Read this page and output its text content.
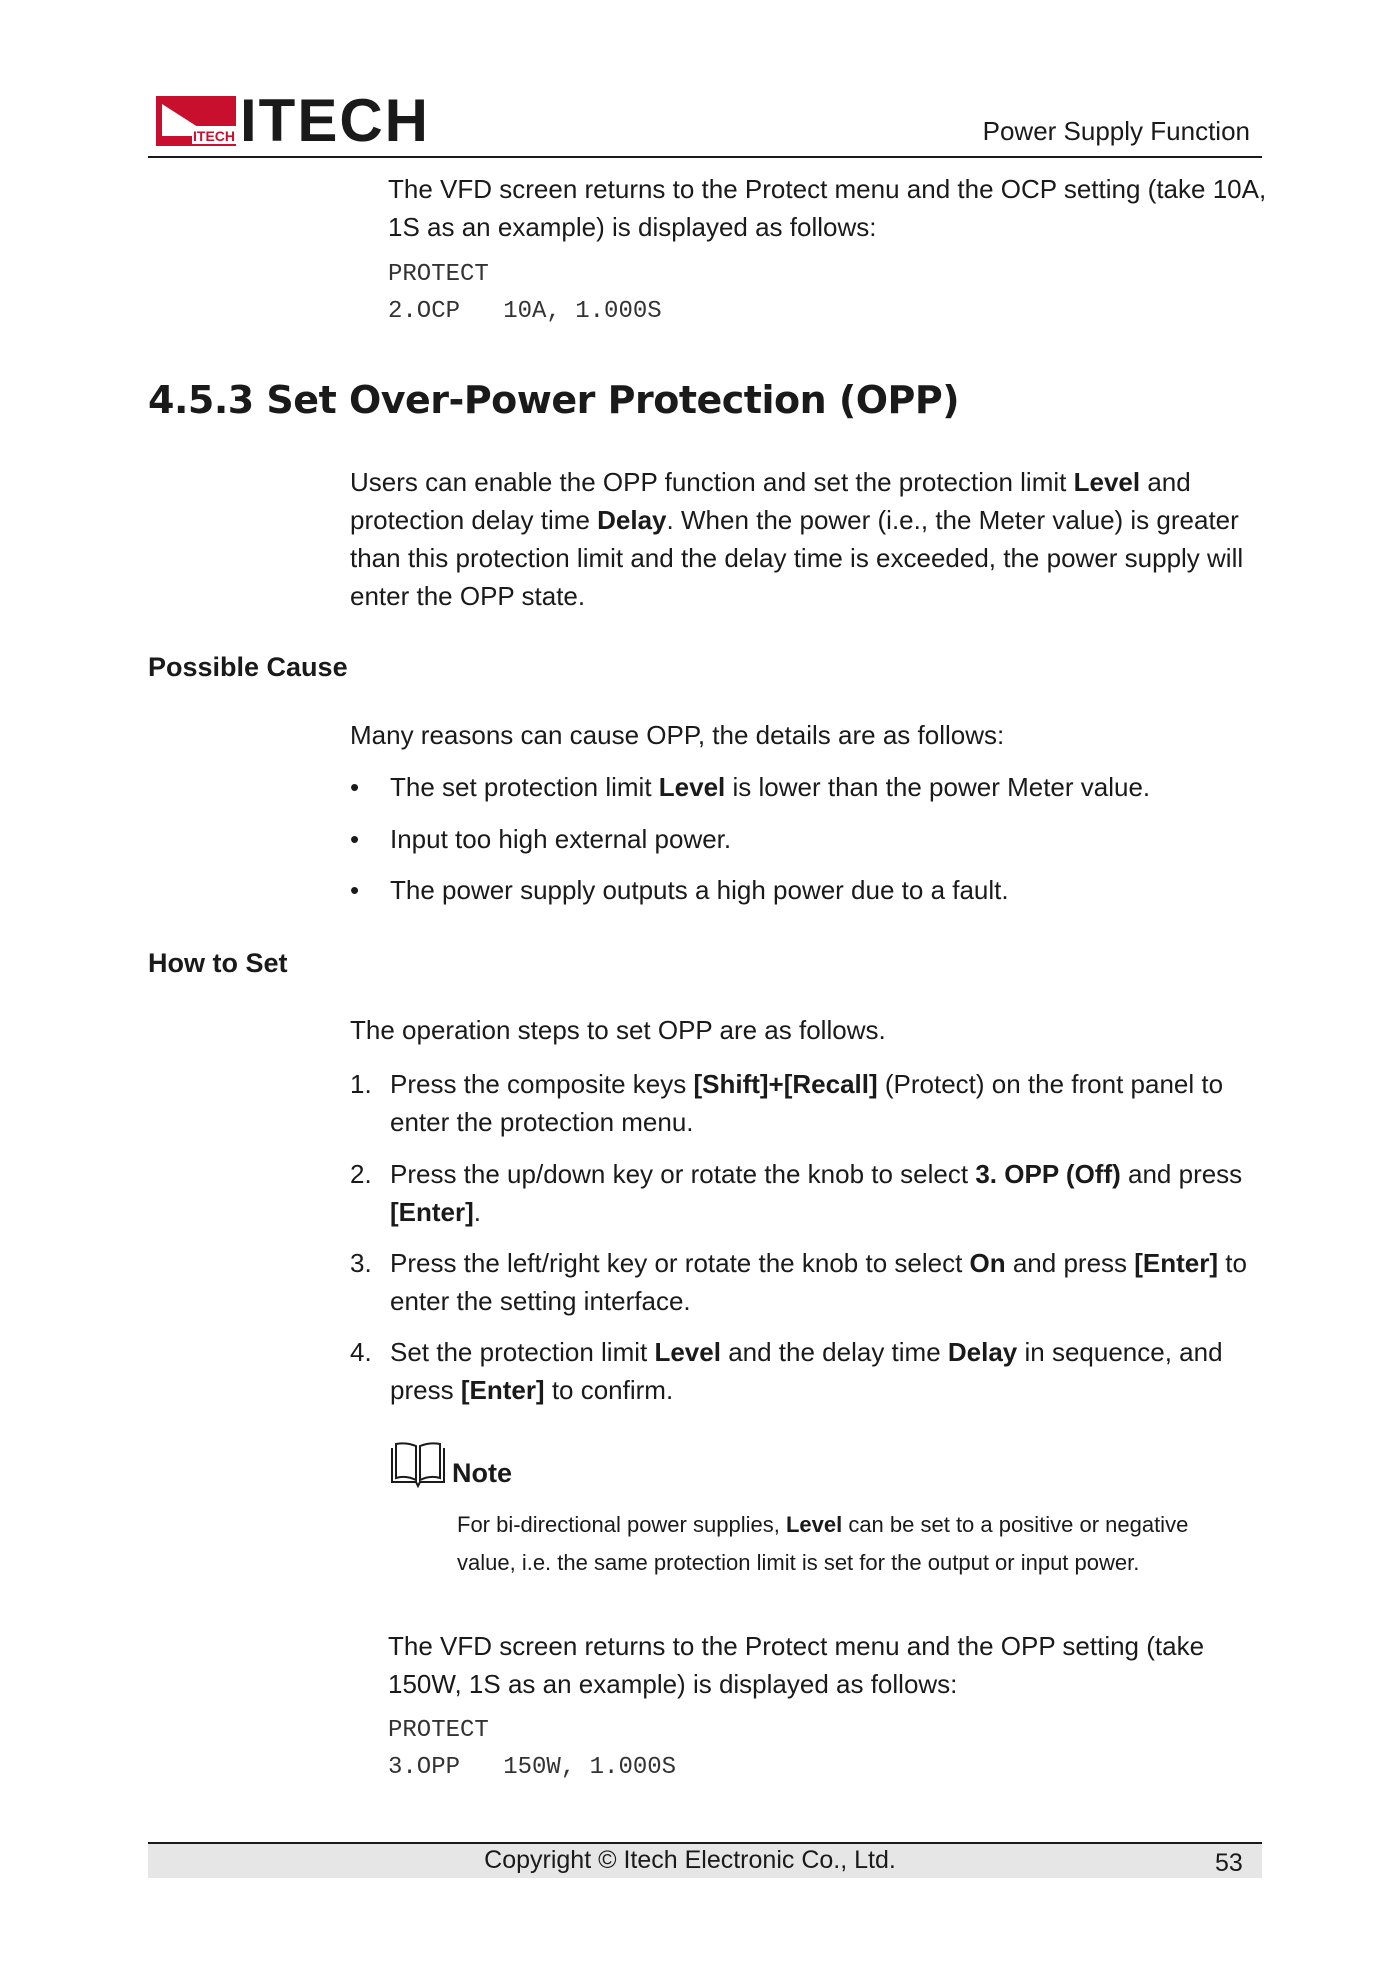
ITECH ITECH	Power Supply Function

The VFD screen returns to the Protect menu and the OCP setting (take 10A, 1S as an example) is displayed as follows:

PROTECT
2.OCP   10A, 1.000S
4.5.3 Set Over-Power Protection (OPP)

Users can enable the OPP function and set the protection limit Level and protection delay time Delay. When the power (i.e., the Meter value) is greater than this protection limit and the delay time is exceeded, the power supply will enter the OPP state.

Possible Cause

Many reasons can cause OPP, the details are as follows:

•	The set protection limit Level is lower than the power Meter value.
•	Input too high external power.
•	The power supply outputs a high power due to a fault.
How to Set

The operation steps to set OPP are as follows.

1. Press the composite keys [Shift]+[Recall] (Protect) on the front panel to enter the protection menu.
2. Press the up/down key or rotate the knob to select 3. OPP (Off) and press [Enter].
3. Press the left/right key or rotate the knob to select On and press [Enter] to enter the setting interface.
4. Set the protection limit Level and the delay time Delay in sequence, and press [Enter] to confirm.
Note

For bi-directional power supplies, Level can be set to a positive or negative value, i.e. the same protection limit is set for the output or input power.

The VFD screen returns to the Protect menu and the OPP setting (take 150W, 1S as an example) is displayed as follows:

PROTECT
3.OPP   150W, 1.000S
Copyright © Itech Electronic Co., Ltd.	53
